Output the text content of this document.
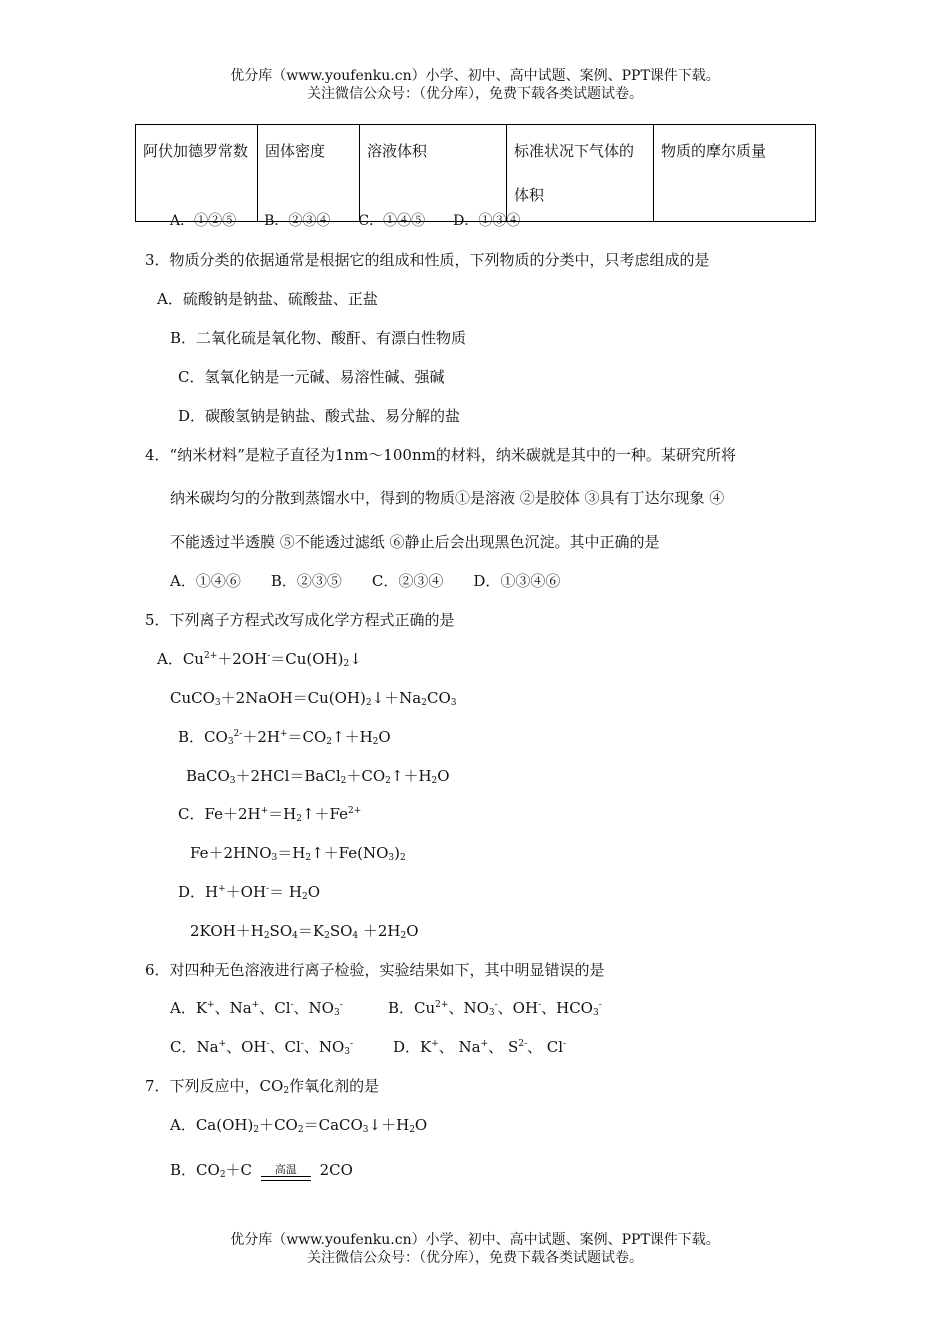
优分库（www.youfenku.cn）小学、初中、高中试题、案例、PPT课件下载。
关注微信公众号：（优分库），免费下载各类试题试卷。
阿伏加德罗常数	固体密度	溶液体积	标准状况下气体的体积	物质的摩尔质量
A．①②⑤　　B．②③④　　C．①④⑤　　D．①③④
3．物质分类的依据通常是根据它的组成和性质，下列物质的分类中，只考虑组成的是
A．硫酸钠是钠盐、硫酸盐、正盐
B．二氧化硫是氧化物、酸酐、有漂白性物质
C．氢氧化钠是一元碱、易溶性碱、强碱
D．碳酸氢钠是钠盐、酸式盐、易分解的盐
4．“纳米材料”是粒子直径为1nm～100nm的材料，纳米碳就是其中的一种。某研究所将
纳米碳均匀的分散到蒸馏水中，得到的物质①是溶液 ②是胶体 ③具有丁达尔现象 ④
不能透过半透膜 ⑤不能透过滤纸 ⑥静止后会出现黑色沉淀。其中正确的是
A．①④⑥　　B．②③⑤　　C．②③④　　D．①③④⑥
5．下列离子方程式改写成化学方程式正确的是
A．$Cu^{2+}+2OH^-=Cu(OH)_2↓$
$CuCO_3+2NaOH=Cu(OH)_2↓+Na_2CO_3$
B．$CO_3^{2-}+2H^+=CO_2↑+H_2O$
$BaCO_3+2HCl=BaCl_2+CO_2↑+H_2O$
C．$Fe+2H^+=H_2↑+Fe^{2+}$
$Fe+2HNO_3=H_2↑+Fe(NO_3)_2$
D．$H^++OH^-= H_2O$
$2KOH+H_2SO_4=K_2SO_4 +2H_2O$
6．对四种无色溶液进行离子检验，实验结果如下，其中明显错误的是
A．K+、Na+、Cl-、$NO_3^-$	B．$Cu^{2+}$、$NO_3^-$、OH-、$HCO_3^-$
C．Na+、OH-、Cl-、$NO_3^-$	D．K+、 Na+、 $S^{2-}$、 Cl-
7．下列反应中，$CO_2$作氧化剂的是
A．$Ca(OH)_2+CO_2=CaCO_3↓+H_2O$
B．$CO_2+C$	高温	2CO
优分库（www.youfenku.cn）小学、初中、高中试题、案例、PPT课件下载。
关注微信公众号：（优分库），免费下载各类试题试卷。
